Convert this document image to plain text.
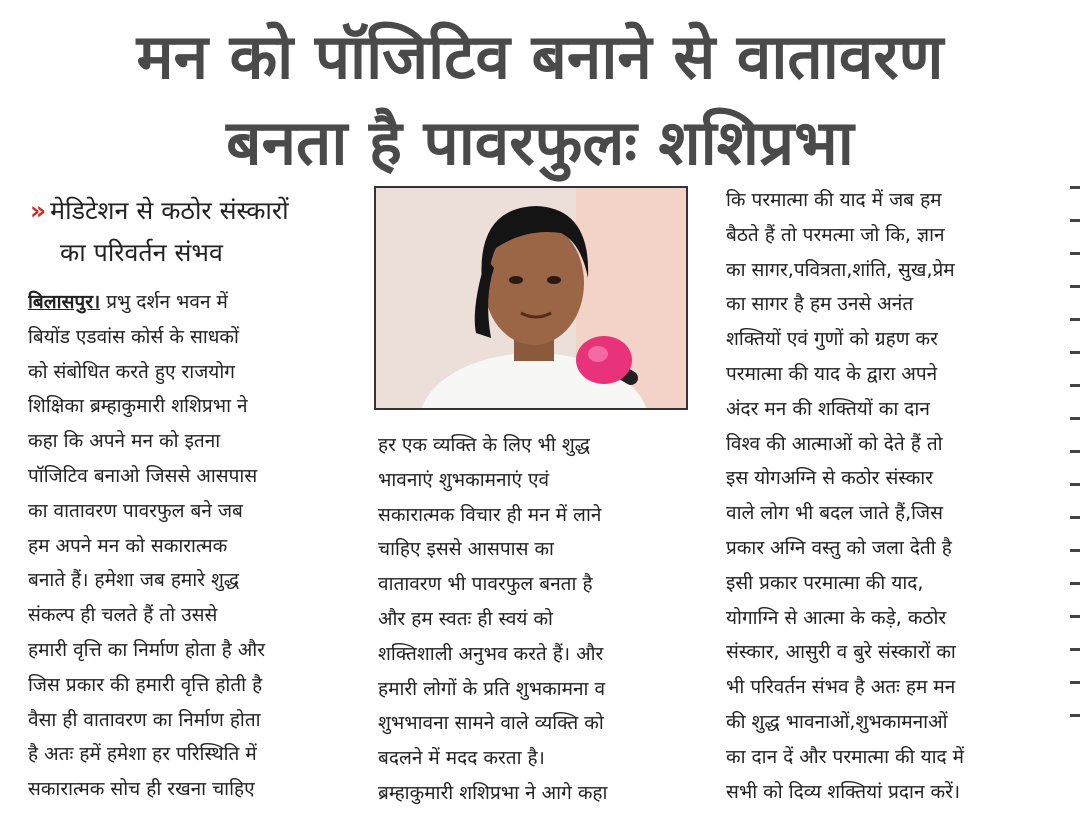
मन को पॉजिटिव बनाने से वातावरण
बनता है पावरफुलः शशिप्रभा
» मेडिटेशन से कठोर संस्कारों
का परिवर्तन संभव
बिलासपुर। प्रभु दर्शन भवन में
बियोंड एडवांस कोर्स के साधकों
को संबोधित करते हुए राजयोग
शिक्षिका ब्रम्हाकुमारी शशिप्रभा ने
कहा कि अपने मन को इतना
पॉजिटिव बनाओ जिससे आसपास
का वातावरण पावरफुल बने जब
हम अपने मन को सकारात्मक
बनाते हैं। हमेशा जब हमारे शुद्ध
संकल्प ही चलते हैं तो उससे
हमारी वृत्ति का निर्माण होता है और
जिस प्रकार की हमारी वृत्ति होती है
वैसा ही वातावरण का निर्माण होता
है अतः हमें हमेशा हर परिस्थिति में
सकारात्मक सोच ही रखना चाहिए
हर एक व्यक्ति के लिए भी शुद्ध
भावनाएं शुभकामनाएं एवं
सकारात्मक विचार ही मन में लाने
चाहिए इससे आसपास का
वातावरण भी पावरफुल बनता है
और हम स्वतः ही स्वयं को
शक्तिशाली अनुभव करते हैं। और
हमारी लोगों के प्रति शुभकामना व
शुभभावना सामने वाले व्यक्ति को
बदलने में मदद करता है।
ब्रम्हाकुमारी शशिप्रभा ने आगे कहा
कि परमात्मा की याद में जब हम
बैठते हैं तो परमत्मा जो कि, ज्ञान
का सागर,पवित्रता,शांति, सुख,प्रेम
का सागर है हम उनसे अनंत
शक्तियों एवं गुणों को ग्रहण कर
परमात्मा की याद के द्वारा अपने
अंदर मन की शक्तियों का दान
विश्व की आत्माओं को देते हैं तो
इस योगअग्नि से कठोर संस्कार
वाले लोग भी बदल जाते हैं,जिस
प्रकार अग्नि वस्तु को जला देती है
इसी प्रकार परमात्मा की याद,
योगाग्नि से आत्मा के कड़े, कठोर
संस्कार, आसुरी व बुरे संस्कारों का
भी परिवर्तन संभव है अतः हम मन
की शुद्ध भावनाओं,शुभकामनाओं
का दान दें और परमात्मा की याद में
सभी को दिव्य शक्तियां प्रदान करें।
